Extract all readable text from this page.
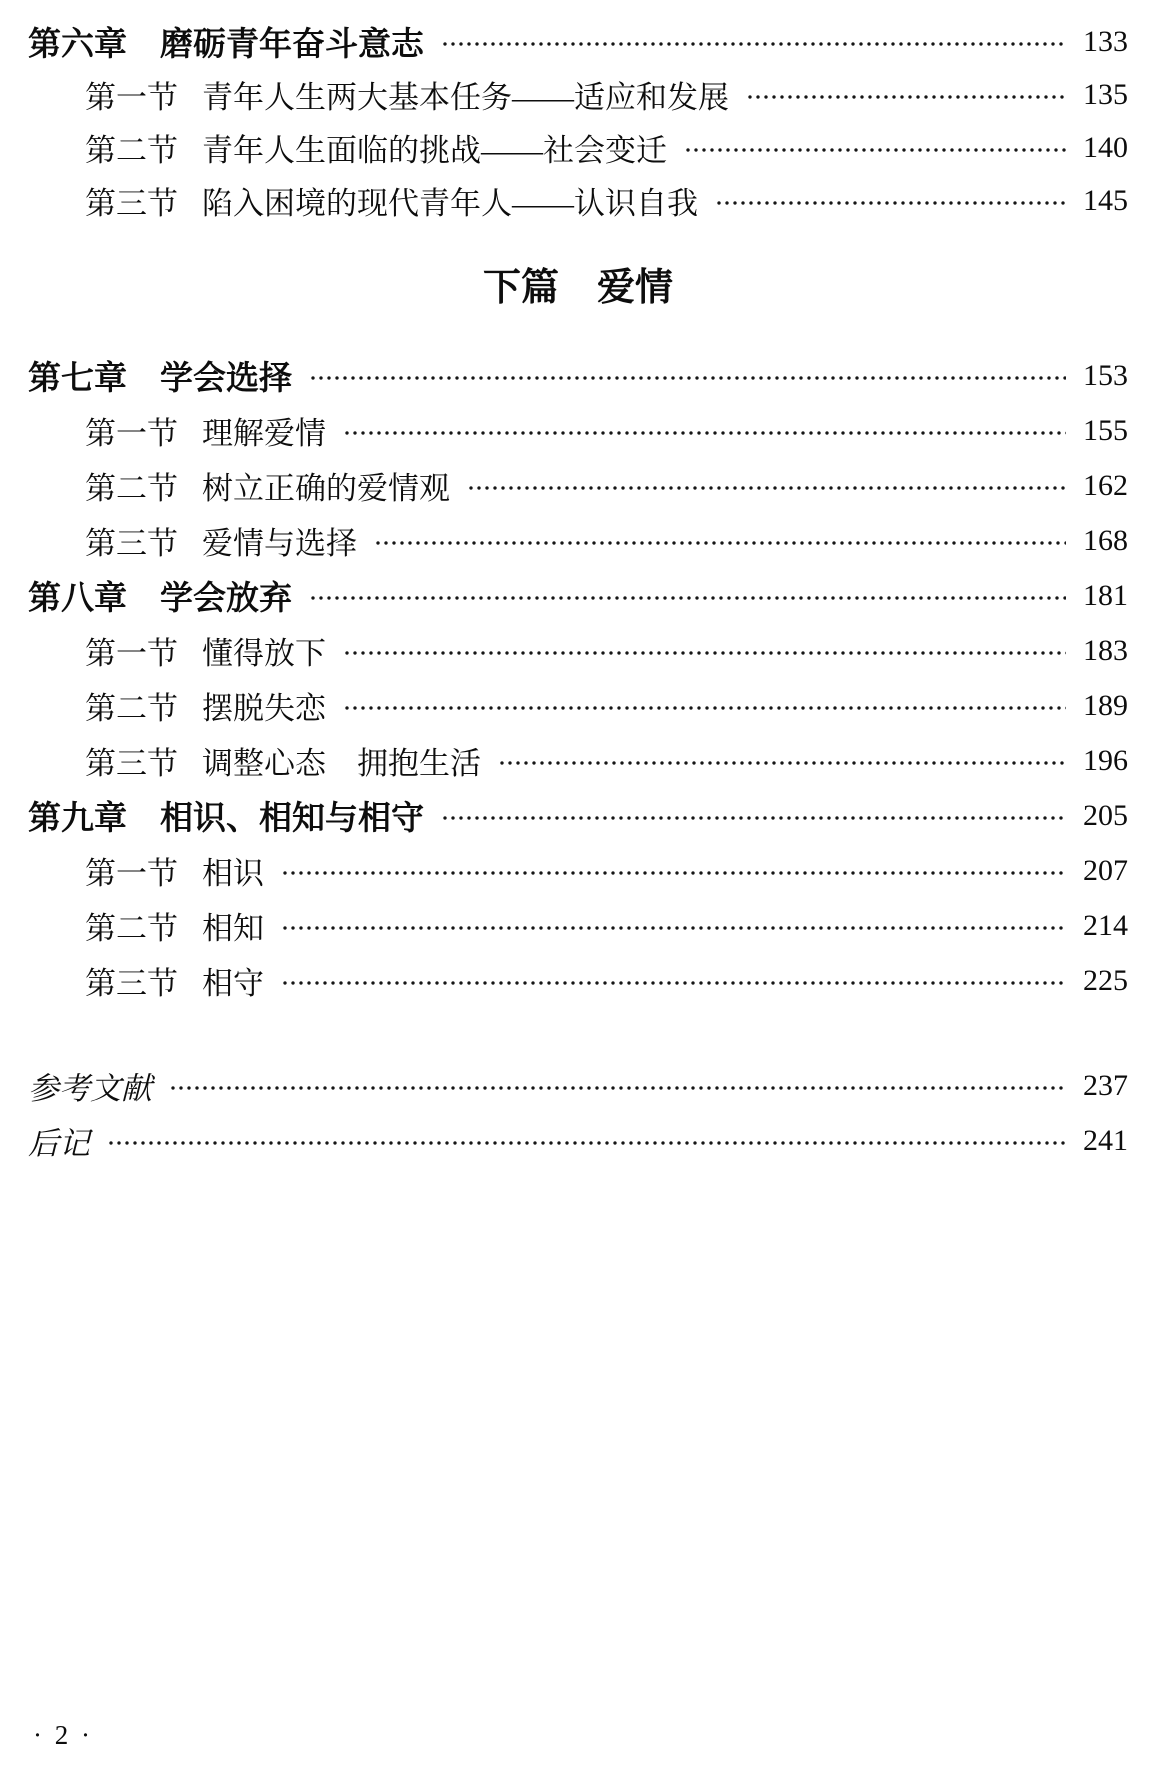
第六章 磨砺青年奋斗意志	133
第一节 青年人生两大基本任务——适应和发展	135
第二节 青年人生面临的挑战——社会变迁	140
第三节 陷入困境的现代青年人——认识自我	145
下篇　爱情
第七章 学会选择	153
第一节 理解爱情	155
第二节 树立正确的爱情观	162
第三节 爱情与选择	168
第八章 学会放弃	181
第一节 懂得放下	183
第二节 摆脱失恋	189
第三节 调整心态　拥抱生活	196
第九章 相识、相知与相守	205
第一节 相识	207
第二节 相知	214
第三节 相守	225
参考文献	237
后记	241
· 2 ·
